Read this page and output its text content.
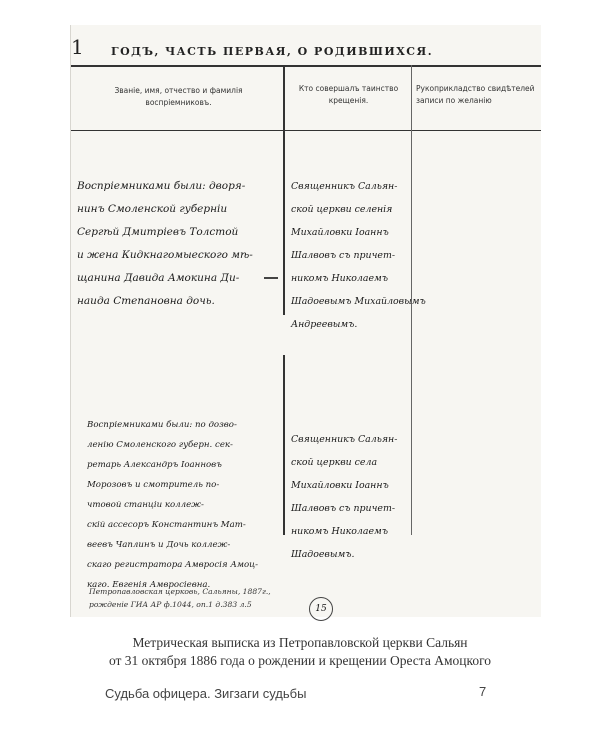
1 ГОДЪ, ЧАСТЬ ПЕРВАЯ, О РОДИВШИХСЯ.
Званiе, имя, отчество и фамилiя воспрiемниковъ.
Кто совершалъ таинство крещенiя.
Рукоприкладство свидѣтелей записи по желанiю
Воспрiемниками были: дворя-
нинъ Смоленской губернiи
Сергѣй Дмитрiевъ Толстой
и жена Кидкнагомыеского мѣ-
щанина Давида Амокина Ди-
наида Степановна дочь.
Священникъ Сальян-
ской церкви селенiя
Михайловки Iоаннъ
Шалвовъ съ причет-
никомъ Николаемъ
Шадоевымъ Михайловымъ
Андреевымъ.
Воспрiемниками были: по дозво-
ленiю Смоленского губерн. сек-
ретарь Александръ Iоанновъ
Морозовъ и смотритель по-
чтовой станцiи коллеж-
скiй ассесоръ Константинъ Мат-
веевъ Чаплинъ и Дочь коллеж-
скаго регистратора Амвросiя Амоц-
каго. Евгенiя Амвросiевна.
Священникъ Сальян-
ской церкви села
Михайловки Iоаннъ
Шалвовъ съ причет-
никомъ Николаемъ
Шадоевымъ.
Петропавловская церковь, Сальяны, 1887г.,
рожденiе ГИА АР ф.1044, оп.1 д.383 л.5	15
Метрическая выписка из Петропавловской церкви Сальян
от 31 октября 1886 года о рождении и крещении Ореста Амоцкого
Судьба офицера. Зигзаги судьбы	7
